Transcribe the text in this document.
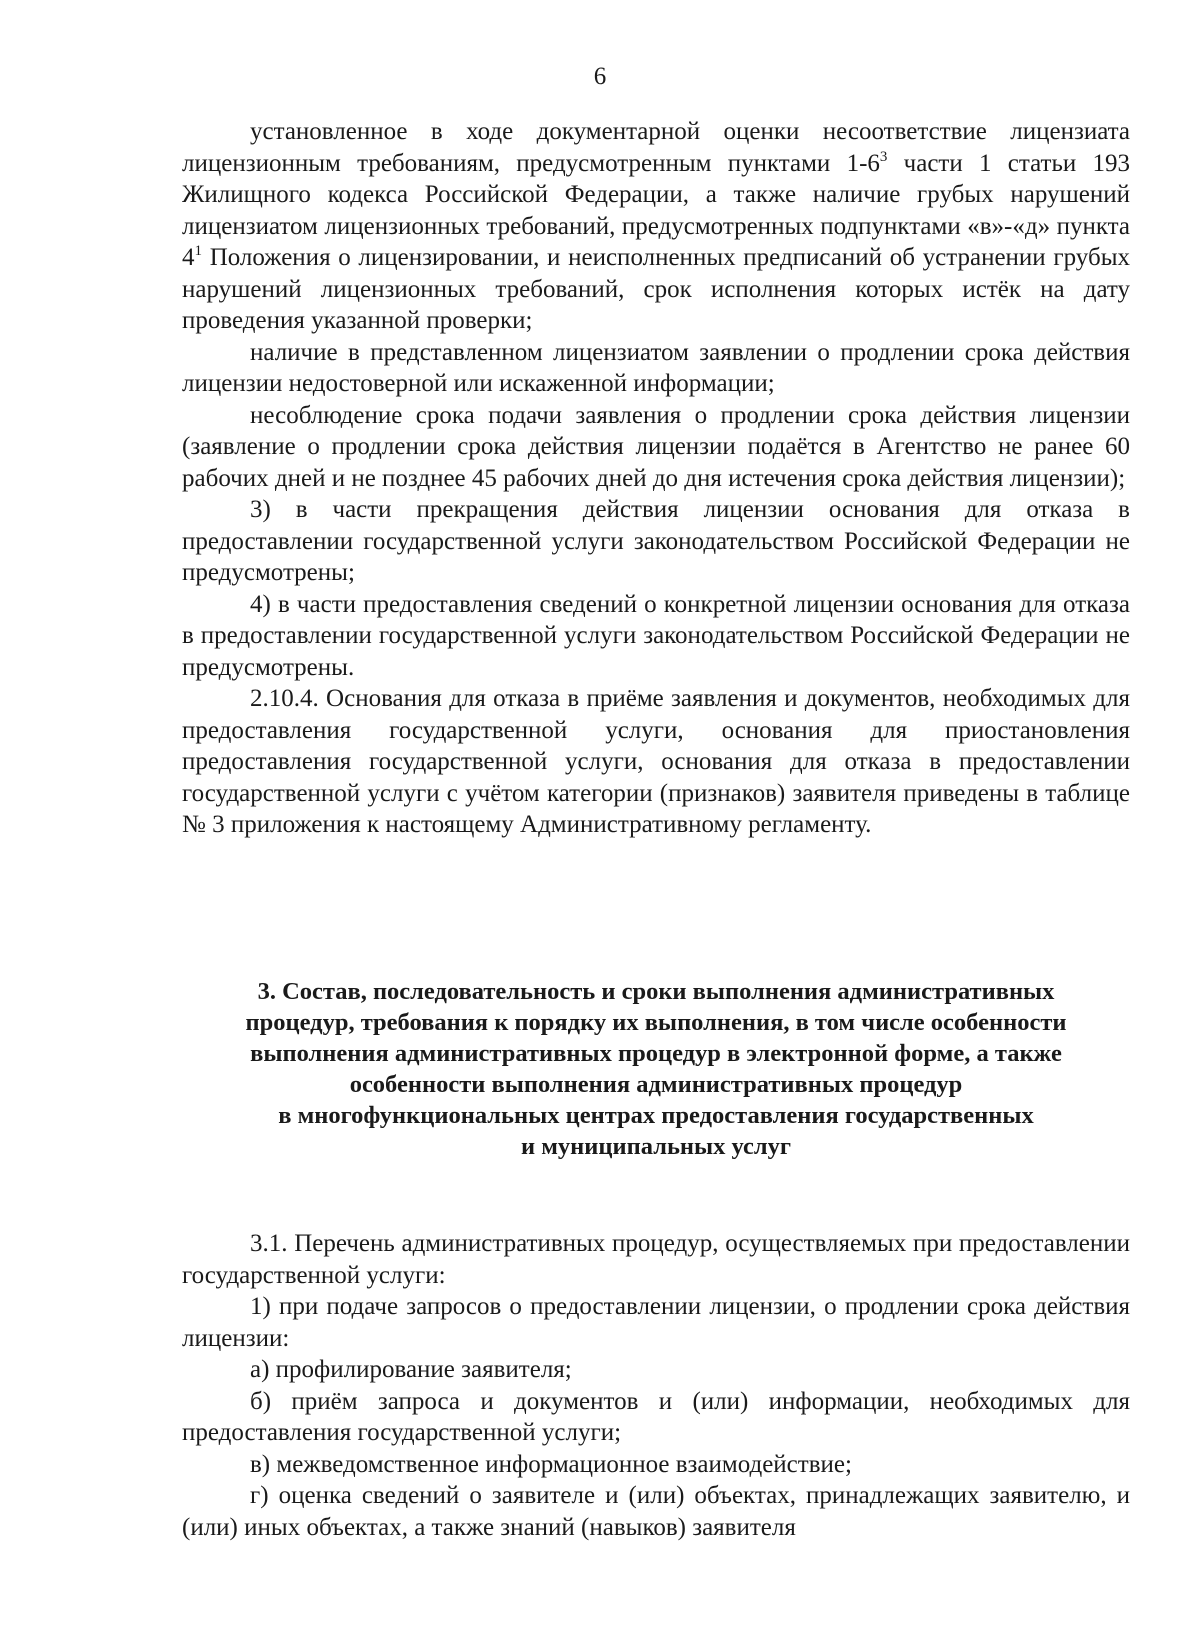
6

установленное в ходе документарной оценки несоответствие лицензиата лицензионным требованиям, предусмотренным пунктами $1-6^3$ части 1 статьи 193 Жилищного кодекса Российской Федерации, а также наличие грубых нарушений лицензиатом лицензионных требований, предусмотренных подпунктами «в»-«д» пункта $4^1$ Положения о лицензировании, и неисполненных предписаний об устранении грубых нарушений лицензионных требований, срок исполнения которых истёк на дату проведения указанной проверки;

наличие в представленном лицензиатом заявлении о продлении срока действия лицензии недостоверной или искаженной информации;

несоблюдение срока подачи заявления о продлении срока действия лицензии (заявление о продлении срока действия лицензии подаётся в Агентство не ранее 60 рабочих дней и не позднее 45 рабочих дней до дня истечения срока действия лицензии);

3) в части прекращения действия лицензии основания для отказа в предоставлении государственной услуги законодательством Российской Федерации не предусмотрены;

4) в части предоставления сведений о конкретной лицензии основания для отказа в предоставлении государственной услуги законодательством Российской Федерации не предусмотрены.

2.10.4. Основания для отказа в приёме заявления и документов, необходимых для предоставления государственной услуги, основания для приостановления предоставления государственной услуги, основания для отказа в предоставлении государственной услуги с учётом категории (признаков) заявителя приведены в таблице № 3 приложения к настоящему Административному регламенту.

3. Состав, последовательность и сроки выполнения административных
процедур, требования к порядку их выполнения, в том числе особенности
выполнения административных процедур в электронной форме, а также
особенности выполнения административных процедур
в многофункциональных центрах предоставления государственных
и муниципальных услуг

3.1. Перечень административных процедур, осуществляемых при предоставлении государственной услуги:

1) при подаче запросов о предоставлении лицензии, о продлении срока действия лицензии:

а) профилирование заявителя;

б) приём запроса и документов и (или) информации, необходимых для предоставления государственной услуги;

в) межведомственное информационное взаимодействие;

г) оценка сведений о заявителе и (или) объектах, принадлежащих заявителю, и (или) иных объектах, а также знаний (навыков) заявителя
